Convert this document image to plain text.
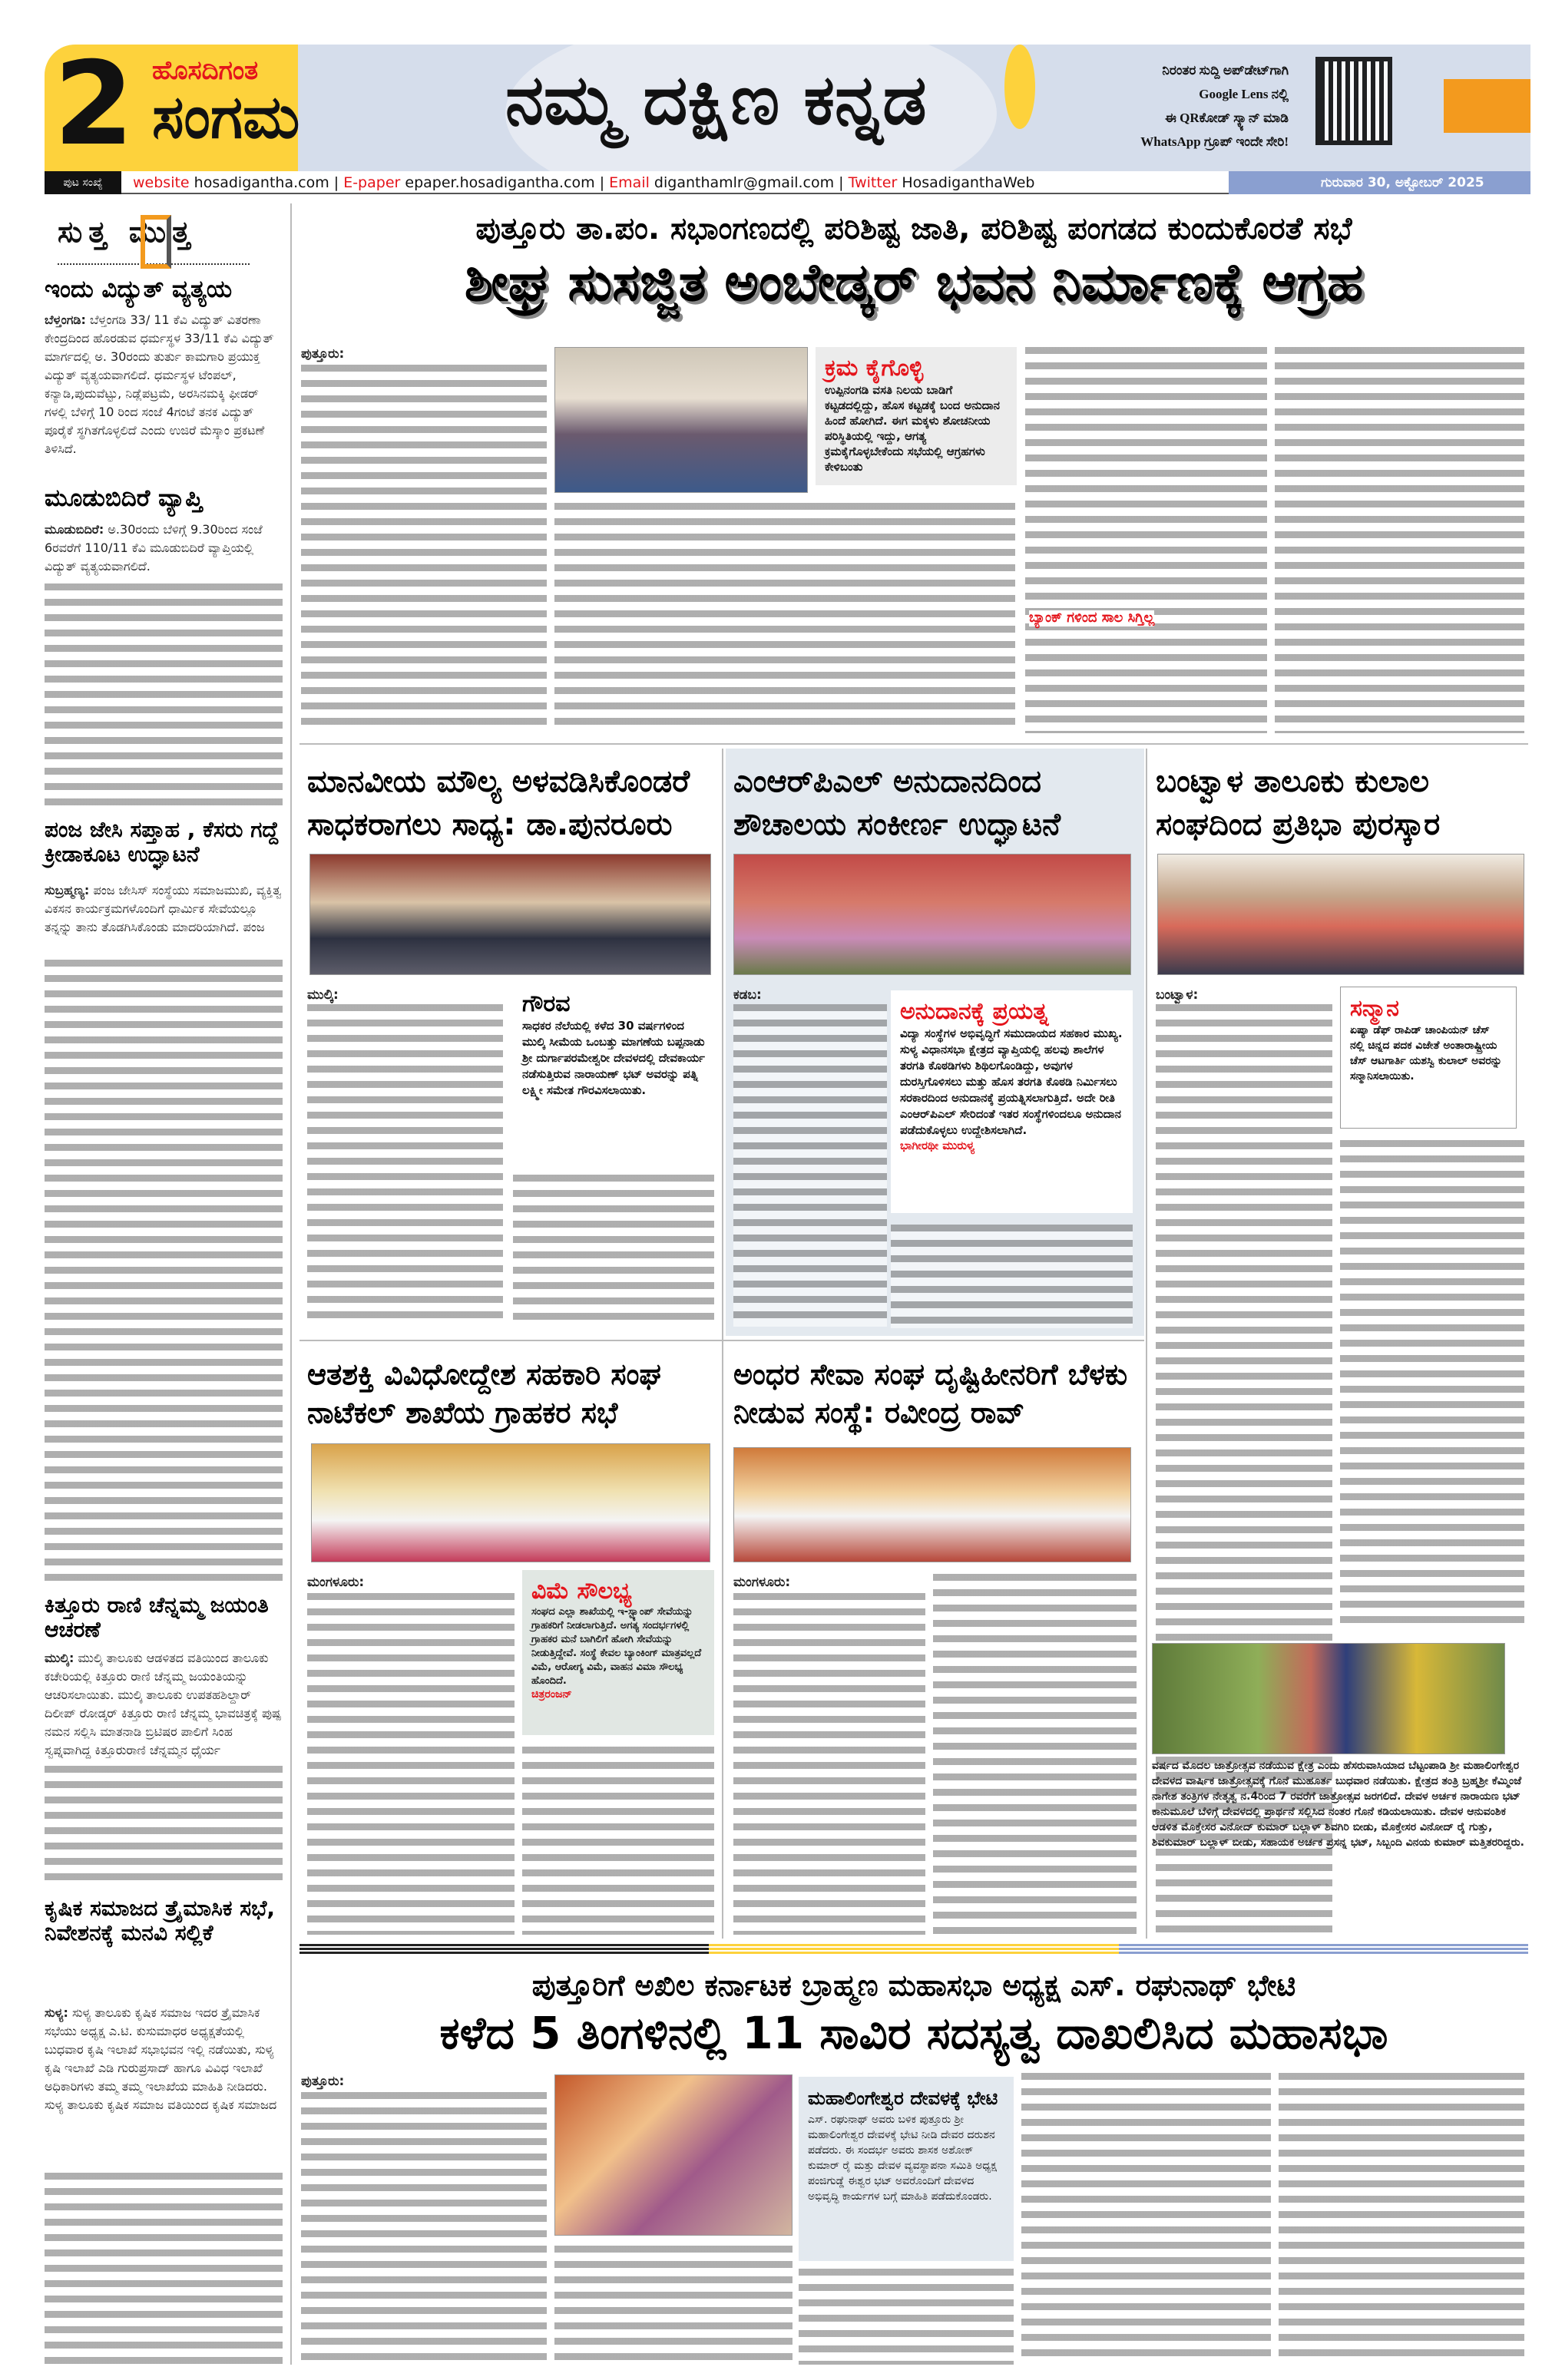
2 ಹೊಸದಿಗಂತ
ಸಂಗಮ	ನಮ್ಮ ದಕ್ಷಿಣ ಕನ್ನಡ	ನಿರಂತರ ಸುದ್ದಿ ಅಪ್‌ಡೇಟ್‌ಗಾಗಿ
Google Lens ನಲ್ಲಿ
ಈ QRಕೋಡ್ ಸ್ಕ್ಯಾನ್ ಮಾಡಿ
WhatsApp ಗ್ರೂಪ್ ಇಂದೇ ಸೇರಿ!
ಪುಟ ಸಂಖ್ಯೆ	website hosadigantha.com | E-paper epaper.hosadigantha.com | Email diganthamlr@gmail.com | Twitter HosadiganthaWeb	ಗುರುವಾರ 30, ಅಕ್ಟೋಬರ್ 2025
ಸುತ್ತ ಮುತ್ತ
ಇಂದು ವಿದ್ಯುತ್ ವ್ಯತ್ಯಯ
ಬೆಳ್ತಂಗಡಿ: ಬೆಳ್ತಂಗಡಿ 33/ 11 ಕೆವಿ ವಿದ್ಯುತ್ ವಿತರಣಾ ಕೇಂದ್ರದಿಂದ ಹೊರಡುವ ಧರ್ಮಸ್ಥಳ 33/11 ಕೆವಿ ವಿದ್ಯುತ್ ಮಾರ್ಗದಲ್ಲಿ ಅ. 30ರಂದು ತುರ್ತು ಕಾಮಗಾರಿ ಪ್ರಯುಕ್ತ ವಿದ್ಯುತ್ ವ್ಯತ್ಯಯವಾಗಲಿದೆ. ಧರ್ಮಸ್ಥಳ ಟೆಂಪಲ್, ಕನ್ಯಾಡಿ,ಪುದುವೆಟ್ಟು, ನಿಡ್ಲೆಪಟ್ರಮೆ, ಅರಸಿನಮಕ್ಕಿ ಫೀಡರ್ ಗಳಲ್ಲಿ ಬೆಳಿಗ್ಗೆ 10 ರಿಂದ ಸಂಜೆ 4ಗಂಟೆ ತನಕ ವಿದ್ಯುತ್ ಪೂರೈಕೆ ಸ್ಥಗಿತಗೊಳ್ಳಲಿದೆ ಎಂದು ಉಜಿರೆ ಮೆಸ್ಕಾಂ ಪ್ರಕಟಣೆ ತಿಳಿಸಿದೆ.
ಮೂಡುಬಿದಿರೆ ವ್ಯಾಪ್ತಿ
ಮೂಡುಬಿದಿರೆ: ಅ.30ರಂದು ಬೆಳಿಗ್ಗೆ 9.30ರಿಂದ ಸಂಜೆ 6ರವರೆಗೆ 110/11 ಕೆವಿ ಮೂಡುಬಿದಿರೆ ವ್ಯಾಪ್ತಿಯಲ್ಲಿ ವಿದ್ಯುತ್ ವ್ಯತ್ಯಯವಾಗಲಿದೆ.
ಪಂಜ ಜೇಸಿ ಸಪ್ತಾಹ , ಕೆಸರು ಗದ್ದೆ ಕ್ರೀಡಾಕೂಟ ಉದ್ಘಾಟನೆ
ಸುಬ್ರಹ್ಮಣ್ಯ: ಪಂಜ ಜೇಸಿಸ್ ಸಂಸ್ಥೆಯು ಸಮಾಜಮುಖಿ, ವ್ಯಕ್ತಿತ್ವ ವಿಕಸನ ಕಾರ್ಯಕ್ರಮಗಳೊಂದಿಗೆ ಧಾರ್ಮಿಕ ಸೇವೆಯಲ್ಲೂ ತನ್ನನ್ನು ತಾನು ತೊಡಗಿಸಿಕೊಂಡು ಮಾದರಿಯಾಗಿದೆ. ಪಂಜ
ಕಿತ್ತೂರು ರಾಣಿ ಚೆನ್ನಮ್ಮ ಜಯಂತಿ ಆಚರಣೆ
ಮುಲ್ಕಿ: ಮುಲ್ಕಿ ತಾಲೂಕು ಆಡಳಿತದ ವತಿಯಿಂದ ತಾಲೂಕು ಕಚೇರಿಯಲ್ಲಿ ಕಿತ್ತೂರು ರಾಣಿ ಚೆನ್ನಮ್ಮ ಜಯಂತಿಯನ್ನು ಆಚರಿಸಲಾಯಿತು. ಮುಲ್ಕಿ ತಾಲೂಕು ಉಪತಹಶಿಲ್ದಾರ್ ದಿಲೀಪ್ ರೋಡ್ಕರ್ ಕಿತ್ತೂರು ರಾಣಿ ಚೆನ್ನಮ್ಮ ಭಾವಚಿತ್ರಕ್ಕೆ ಪುಷ್ಪ ನಮನ ಸಲ್ಲಿಸಿ ಮಾತನಾಡಿ ಬ್ರಿಟಿಷರ ಪಾಲಿಗೆ ಸಿಂಹ ಸ್ವಪ್ನವಾಗಿದ್ದ ಕಿತ್ತೂರುರಾಣಿ ಚೆನ್ನಮ್ಮನ ಧೈರ್ಯ
ಕೃಷಿಕ ಸಮಾಜದ ತ್ರೈಮಾಸಿಕ ಸಭೆ, ನಿವೇಶನಕ್ಕೆ ಮನವಿ ಸಲ್ಲಿಕೆ
ಸುಳ್ಯ: ಸುಳ್ಯ ತಾಲೂಕು ಕೃಷಿಕ ಸಮಾಜ ಇದರ ತ್ರೈಮಾಸಿಕ ಸಭೆಯು ಅಧ್ಯಕ್ಷ ಎ.ಟಿ. ಕುಸುಮಾಧರ ಅಧ್ಯಕ್ಷತೆಯಲ್ಲಿ ಬುಧವಾರ ಕೃಷಿ ಇಲಾಖೆ ಸಭಾಭವನ ಇಲ್ಲಿ ನಡೆಯಿತು, ಸುಳ್ಯ ಕೃಷಿ ಇಲಾಖೆ ಎಡಿ ಗುರುಪ್ರಸಾದ್ ಹಾಗೂ ವಿವಿಧ ಇಲಾಖೆ ಅಧಿಕಾರಿಗಳು ತಮ್ಮ ತಮ್ಮ ಇಲಾಖೆಯ ಮಾಹಿತಿ ನೀಡಿದರು. ಸುಳ್ಯ ತಾಲೂಕು ಕೃಷಿಕ ಸಮಾಜ ವತಿಯಿಂದ ಕೃಷಿಕ ಸಮಾಜದ
ಪುತ್ತೂರು ತಾ.ಪಂ. ಸಭಾಂಗಣದಲ್ಲಿ ಪರಿಶಿಷ್ಟ ಜಾತಿ, ಪರಿಶಿಷ್ಟ ಪಂಗಡದ ಕುಂದುಕೊರತೆ ಸಭೆ
ಶೀಘ್ರ ಸುಸಜ್ಜಿತ ಅಂಬೇಡ್ಕರ್ ಭವನ ನಿರ್ಮಾಣಕ್ಕೆ ಆಗ್ರಹ
ಪುತ್ತೂರು:
ಕ್ರಮ ಕೈಗೊಳ್ಳಿ
ಉಪ್ಪಿನಂಗಡಿ ವಸತಿ ನಿಲಯ ಬಾಡಿಗೆ ಕಟ್ಟಡದಲ್ಲಿದ್ದು, ಹೊಸ ಕಟ್ಟಡಕ್ಕೆ ಬಂದ ಅನುದಾನ ಹಿಂದೆ ಹೋಗಿದೆ. ಈಗ ಮಕ್ಕಳು ಶೋಚನೀಯ ಪರಿಸ್ಥಿತಿಯಲ್ಲಿ ಇದ್ದು, ಆಗತ್ಯ ಕ್ರಮಕೈಗೊಳ್ಳಬೇಕೆಂದು ಸಭೆಯಲ್ಲಿ ಆಗ್ರಹಗಳು ಕೇಳಿಬಂತು
ಬ್ಯಾಂಕ್ ಗಳಿಂದ ಸಾಲ ಸಿಗ್ತಿಲ್ಲ
ಮಾನವೀಯ ಮೌಲ್ಯ ಅಳವಡಿಸಿಕೊಂಡರೆ ಸಾಧಕರಾಗಲು ಸಾಧ್ಯ: ಡಾ.ಪುನರೂರು
ಮುಲ್ಕಿ:	ಗೌರವ
ಸಾಧಕರ ನೆಲೆಯಲ್ಲಿ ಕಳೆದ 30 ವರ್ಷಗಳಿಂದ ಮುಲ್ಕಿ ಸೀಮೆಯ ಒಂಬತ್ತು ಮಾಗಣೆಯ ಬಪ್ಪನಾಡು ಶ್ರೀ ದುರ್ಗಾಪರಮೇಶ್ವರೀ ದೇವಳದಲ್ಲಿ ದೇವಕಾರ್ಯ ನಡೆಸುತ್ತಿರುವ ನಾರಾಯಣ್ ಭಟ್ ಅವರನ್ನು ಪತ್ನಿ ಲಕ್ಷ್ಮೀ ಸಮೇತ ಗೌರವಿಸಲಾಯಿತು.
ಎಂಆರ್‌ಪಿಎಲ್ ಅನುದಾನದಿಂದ ಶೌಚಾಲಯ ಸಂಕೀರ್ಣ ಉದ್ಘಾಟನೆ
ಕಡಬ:
ಅನುದಾನಕ್ಕೆ ಪ್ರಯತ್ನ
ವಿದ್ಯಾ ಸಂಸ್ಥೆಗಳ ಅಭಿವೃದ್ಧಿಗೆ ಸಮುದಾಯದ ಸಹಕಾರ ಮುಖ್ಯ. ಸುಳ್ಯ ವಿಧಾನಸಭಾ ಕ್ಷೇತ್ರದ ವ್ಯಾಪ್ತಿಯಲ್ಲಿ ಹಲವು ಶಾಲೆಗಳ ತರಗತಿ ಕೊಠಡಿಗಳು ಶಿಥಿಲಗೊಂಡಿದ್ದು, ಅವುಗಳ ದುರಸ್ತಿಗೊಳಿಸಲು ಮತ್ತು ಹೊಸ ತರಗತಿ ಕೊಠಡಿ ನಿರ್ಮಿಸಲು ಸರಕಾರದಿಂದ ಅನುದಾನಕ್ಕೆ ಪ್ರಯತ್ನಿಸಲಾಗುತ್ತಿದೆ. ಅದೇ ರೀತಿ ಎಂಆರ್‌ಪಿಎಲ್ ಸೇರಿದಂತೆ ಇತರ ಸಂಸ್ಥೆಗಳಿಂದಲೂ ಅನುದಾನ ಪಡೆದುಕೊಳ್ಳಲು ಉದ್ದೇಶಿಸಲಾಗಿದೆ.
ಭಾಗೀರಥೀ ಮುರುಳ್ಯ
ಬಂಟ್ವಾಳ ತಾಲೂಕು ಕುಲಾಲ ಸಂಘದಿಂದ ಪ್ರತಿಭಾ ಪುರಸ್ಕಾರ
ಬಂಟ್ವಾಳ:	ಸನ್ಮಾನ
ಏಷ್ಯಾ ಡೆಫ್ ರಾಪಿಡ್ ಚಾಂಪಿಯನ್ ಚೆಸ್ ನಲ್ಲಿ ಚಿನ್ನದ ಪದಕ ವಿಜೇತೆ ಅಂತಾರಾಷ್ಟ್ರೀಯ ಚೆಸ್ ಆಟಗಾರ್ತಿ ಯಶಸ್ವಿ ಕುಲಾಲ್ ಅವರನ್ನು ಸನ್ಮಾನಿಸಲಾಯಿತು.
ಆತಶಕ್ತಿ ವಿವಿಧೋದ್ದೇಶ ಸಹಕಾರಿ ಸಂಘ ನಾಟೆಕಲ್ ಶಾಖೆಯ ಗ್ರಾಹಕರ ಸಭೆ
ಮಂಗಳೂರು:	ವಿಮೆ ಸೌಲಭ್ಯ
ಸಂಘದ ಎಲ್ಲಾ ಶಾಖೆಯಲ್ಲಿ ಇ-ಸ್ಟ್ಯಾಂಪ್ ಸೇವೆಯನ್ನು ಗ್ರಾಹಕರಿಗೆ ನೀಡಲಾಗುತ್ತಿದೆ. ಅಗತ್ಯ ಸಂದರ್ಭಗಳಲ್ಲಿ ಗ್ರಾಹಕರ ಮನೆ ಬಾಗಿಲಿಗೆ ಹೋಗಿ ಸೇವೆಯನ್ನು ನೀಡುತ್ತಿದ್ದೇವೆ. ಸಂಸ್ಥೆ ಕೇವಲ ಬ್ಯಾಂಕಿಂಗ್ ಮಾತ್ರವಲ್ಲದೆ ವಿಮೆ, ಆರೋಗ್ಯ ವಿಮೆ, ವಾಹನ ವಿಮಾ ಸೌಲಭ್ಯ ಹೊಂದಿದೆ.
ಚಿತ್ರರಂಜನ್
ಅಂಧರ ಸೇವಾ ಸಂಘ ದೃಷ್ಟಿಹೀನರಿಗೆ ಬೆಳಕು ನೀಡುವ ಸಂಸ್ಥೆ: ರವೀಂದ್ರ ರಾವ್
ಮಂಗಳೂರು:
ವರ್ಷದ ಮೊದಲ ಜಾತ್ರೋತ್ಸವ ನಡೆಯುವ ಕ್ಷೇತ್ರ ಎಂದು ಹೆಸರುವಾಸಿಯಾದ ಬೆಟ್ಟಂಪಾಡಿ ಶ್ರೀ ಮಹಾಲಿಂಗೇಶ್ವರ ದೇವಳದ ವಾರ್ಷಿಕ ಜಾತ್ರೋತ್ಸವಕ್ಕೆ ಗೊನೆ ಮುಹೂರ್ತ ಬುಧವಾರ ನಡೆಯಿತು. ಕ್ಷೇತ್ರದ ತಂತ್ರಿ ಬ್ರಹ್ಮಶ್ರೀ ಕೆಮ್ಮಿಂಜೆ ನಾಗೇಶ ತಂತ್ರಿಗಳ ನೇತೃತ್ವ ನ.4ರಿಂದ 7 ರವರೆಗೆ ಜಾತ್ರೋತ್ಸವ ಜರಗಲಿದೆ. ದೇವಳ ಅರ್ಚಕ ನಾರಾಯಣ ಭಟ್ ಕಾನುಮೂಲೆ ಬೆಳಿಗ್ಗೆ ದೇವಳದಲ್ಲಿ ಪ್ರಾರ್ಥನೆ ಸಲ್ಲಿಸಿದ ನಂತರ ಗೊನೆ ಕಡಿಯಲಾಯಿತು. ದೇವಳ ಆನುವಂಶಿಕ ಆಡಳಿತ ಮೊಕ್ತೇಸರ ವಿನೋದ್ ಕುಮಾರ್ ಬಲ್ಲಾಳ್ ಶಿವಗಿರಿ ಬೀಡು, ಮೊಕ್ತೇಸರ ವಿನೋದ್ ರೈ ಗುತ್ತು, ಶಿವಕುಮಾರ್ ಬಲ್ಲಾಳ್ ಬೀಡು, ಸಹಾಯಕ ಅರ್ಚಕ ಪ್ರಸನ್ನ ಭಟ್, ಸಿಬ್ಬಂದಿ ವಿನಯ ಕುಮಾರ್ ಮತ್ತಿತರರಿದ್ದರು.
ಪುತ್ತೂರಿಗೆ ಅಖಿಲ ಕರ್ನಾಟಕ ಬ್ರಾಹ್ಮಣ ಮಹಾಸಭಾ ಅಧ್ಯಕ್ಷ ಎಸ್. ರಘುನಾಥ್ ಭೇಟಿ
ಕಳೆದ 5 ತಿಂಗಳಿನಲ್ಲಿ 11 ಸಾವಿರ ಸದಸ್ಯತ್ವ ದಾಖಲಿಸಿದ ಮಹಾಸಭಾ
ಪುತ್ತೂರು:
ಮಹಾಲಿಂಗೇಶ್ವರ ದೇವಳಕ್ಕೆ ಭೇಟಿ
ಎಸ್. ರಘುನಾಥ್ ಅವರು ಬಳಿಕ ಪುತ್ತೂರು ಶ್ರೀ ಮಹಾಲಿಂಗೇಶ್ವರ ದೇವಳಕ್ಕೆ ಭೇಟಿ ನೀಡಿ ದೇವರ ದರುಶನ ಪಡೆದರು. ಈ ಸಂದರ್ಭ ಅವರು ಶಾಸಕ ಅಶೋಕ್ ಕುಮಾರ್ ರೈ ಮತ್ತು ದೇವಳ ವ್ಯವಸ್ಥಾಪನಾ ಸಮಿತಿ ಅಧ್ಯಕ್ಷ ಪಂಜಿಗುಡ್ಡೆ ಈಶ್ವರ ಭಟ್ ಅವರೊಂದಿಗೆ ದೇವಳದ ಅಭಿವೃದ್ಧಿ ಕಾರ್ಯಗಳ ಬಗ್ಗೆ ಮಾಹಿತಿ ಪಡೆದುಕೊಂಡರು.
